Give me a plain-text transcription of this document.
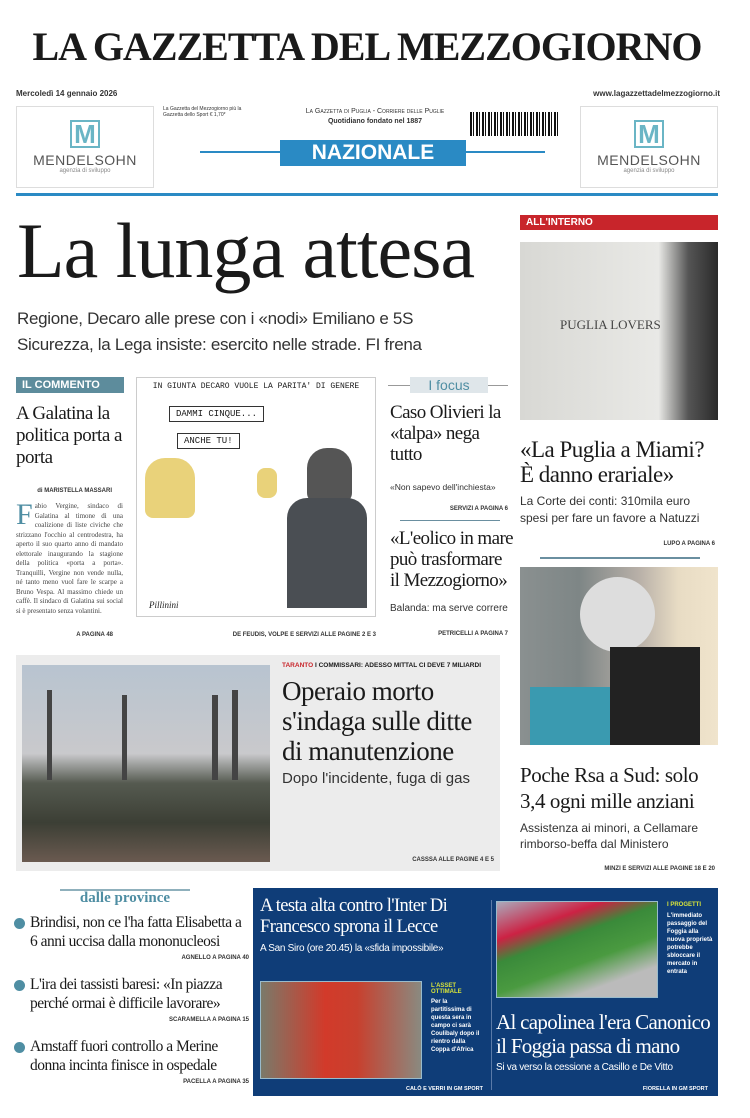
LA GAZZETTA DEL MEZZOGIORNO
Mercoledì 14 gennaio 2026	www.lagazzettadelmezzogiorno.it
M
MENDELSOHN
agenzia di sviluppo
M
MENDELSOHN
agenzia di sviluppo
La Gazzetta del Mezzogiorno più la Gazzetta dello Sport € 1,70*	La Gazzetta di Puglia - Corriere delle Puglie
Quotidiano fondato nel 1887
NAZIONALE
La lunga attesa
Regione, Decaro alle prese con i «nodi» Emiliano e 5S
Sicurezza, la Lega insiste: esercito nelle strade. FI frena
ALL'INTERNO
PUGLIA LOVERS
«La Puglia a Miami? È danno erariale»
La Corte dei conti: 310mila euro spesi per fare un favore a Natuzzi
LUPO A PAGINA 6
IL COMMENTO
A Galatina la politica porta a porta
di MARISTELLA MASSARI
Fabio Vergine, sindaco di Galatina al timone di una coalizione di liste civiche che strizzano l'occhio al centrodestra, ha aperto il suo quarto anno di mandato elettorale inaugurando la stagione della politica «porta a porta». Tranquilli, Vergine non vende nulla, né tanto meno vuol fare le scarpe a Bruno Vespa. Al massimo chiede un caffè. Il sindaco di Galatina sui social si è presentato senza volantini.
A PAGINA 48
IN GIUNTA DECARO VUOLE LA PARITA' DI GENERE
DAMMI CINQUE...
ANCHE TU!
Pillinini
DE FEUDIS, VOLPE E SERVIZI ALLE PAGINE 2 E 3
I focus
Caso Olivieri la «talpa» nega tutto
«Non sapevo dell'inchiesta»
SERVIZI A PAGINA 6
«L'eolico in mare può trasformare il Mezzogiorno»
Balanda: ma serve correre
PETRICELLI A PAGINA 7
TARANTO I COMMISSARI: ADESSO MITTAL CI DEVE 7 MILIARDI
Operaio morto s'indaga sulle ditte di manutenzione
Dopo l'incidente, fuga di gas
CASSSA ALLE PAGINE 4 E 5
Poche Rsa a Sud: solo 3,4 ogni mille anziani
Assistenza ai minori, a Cellamare rimborso-beffa dal Ministero
MINZI E SERVIZI ALLE PAGINE 18 E 20
dalle province
Brindisi, non ce l'ha fatta Elisabetta a 6 anni uccisa dalla mononucleosi
AGNELLO A PAGINA 40
L'ira dei tassisti baresi: «In piazza perché ormai è difficile lavorare»
SCARAMELLA A PAGINA 15
Amstaff fuori controllo a Merine donna incinta finisce in ospedale
PACELLA A PAGINA 35
A testa alta contro l'Inter Di Francesco sprona il Lecce
A San Siro (ore 20.45) la «sfida impossibile»
L'ASSET OTTIMALE
Per la partitissima di questa sera in campo ci sarà Coulibaly dopo il rientro dalla Coppa d'Africa
CALÒ E VERRI IN GM SPORT
I PROGETTI
L'immediato passaggio del Foggia alla nuova proprietà potrebbe sbloccare il mercato in entrata
Al capolinea l'era Canonico il Foggia passa di mano
Si va verso la cessione a Casillo e De Vitto
FIORELLA IN GM SPORT
